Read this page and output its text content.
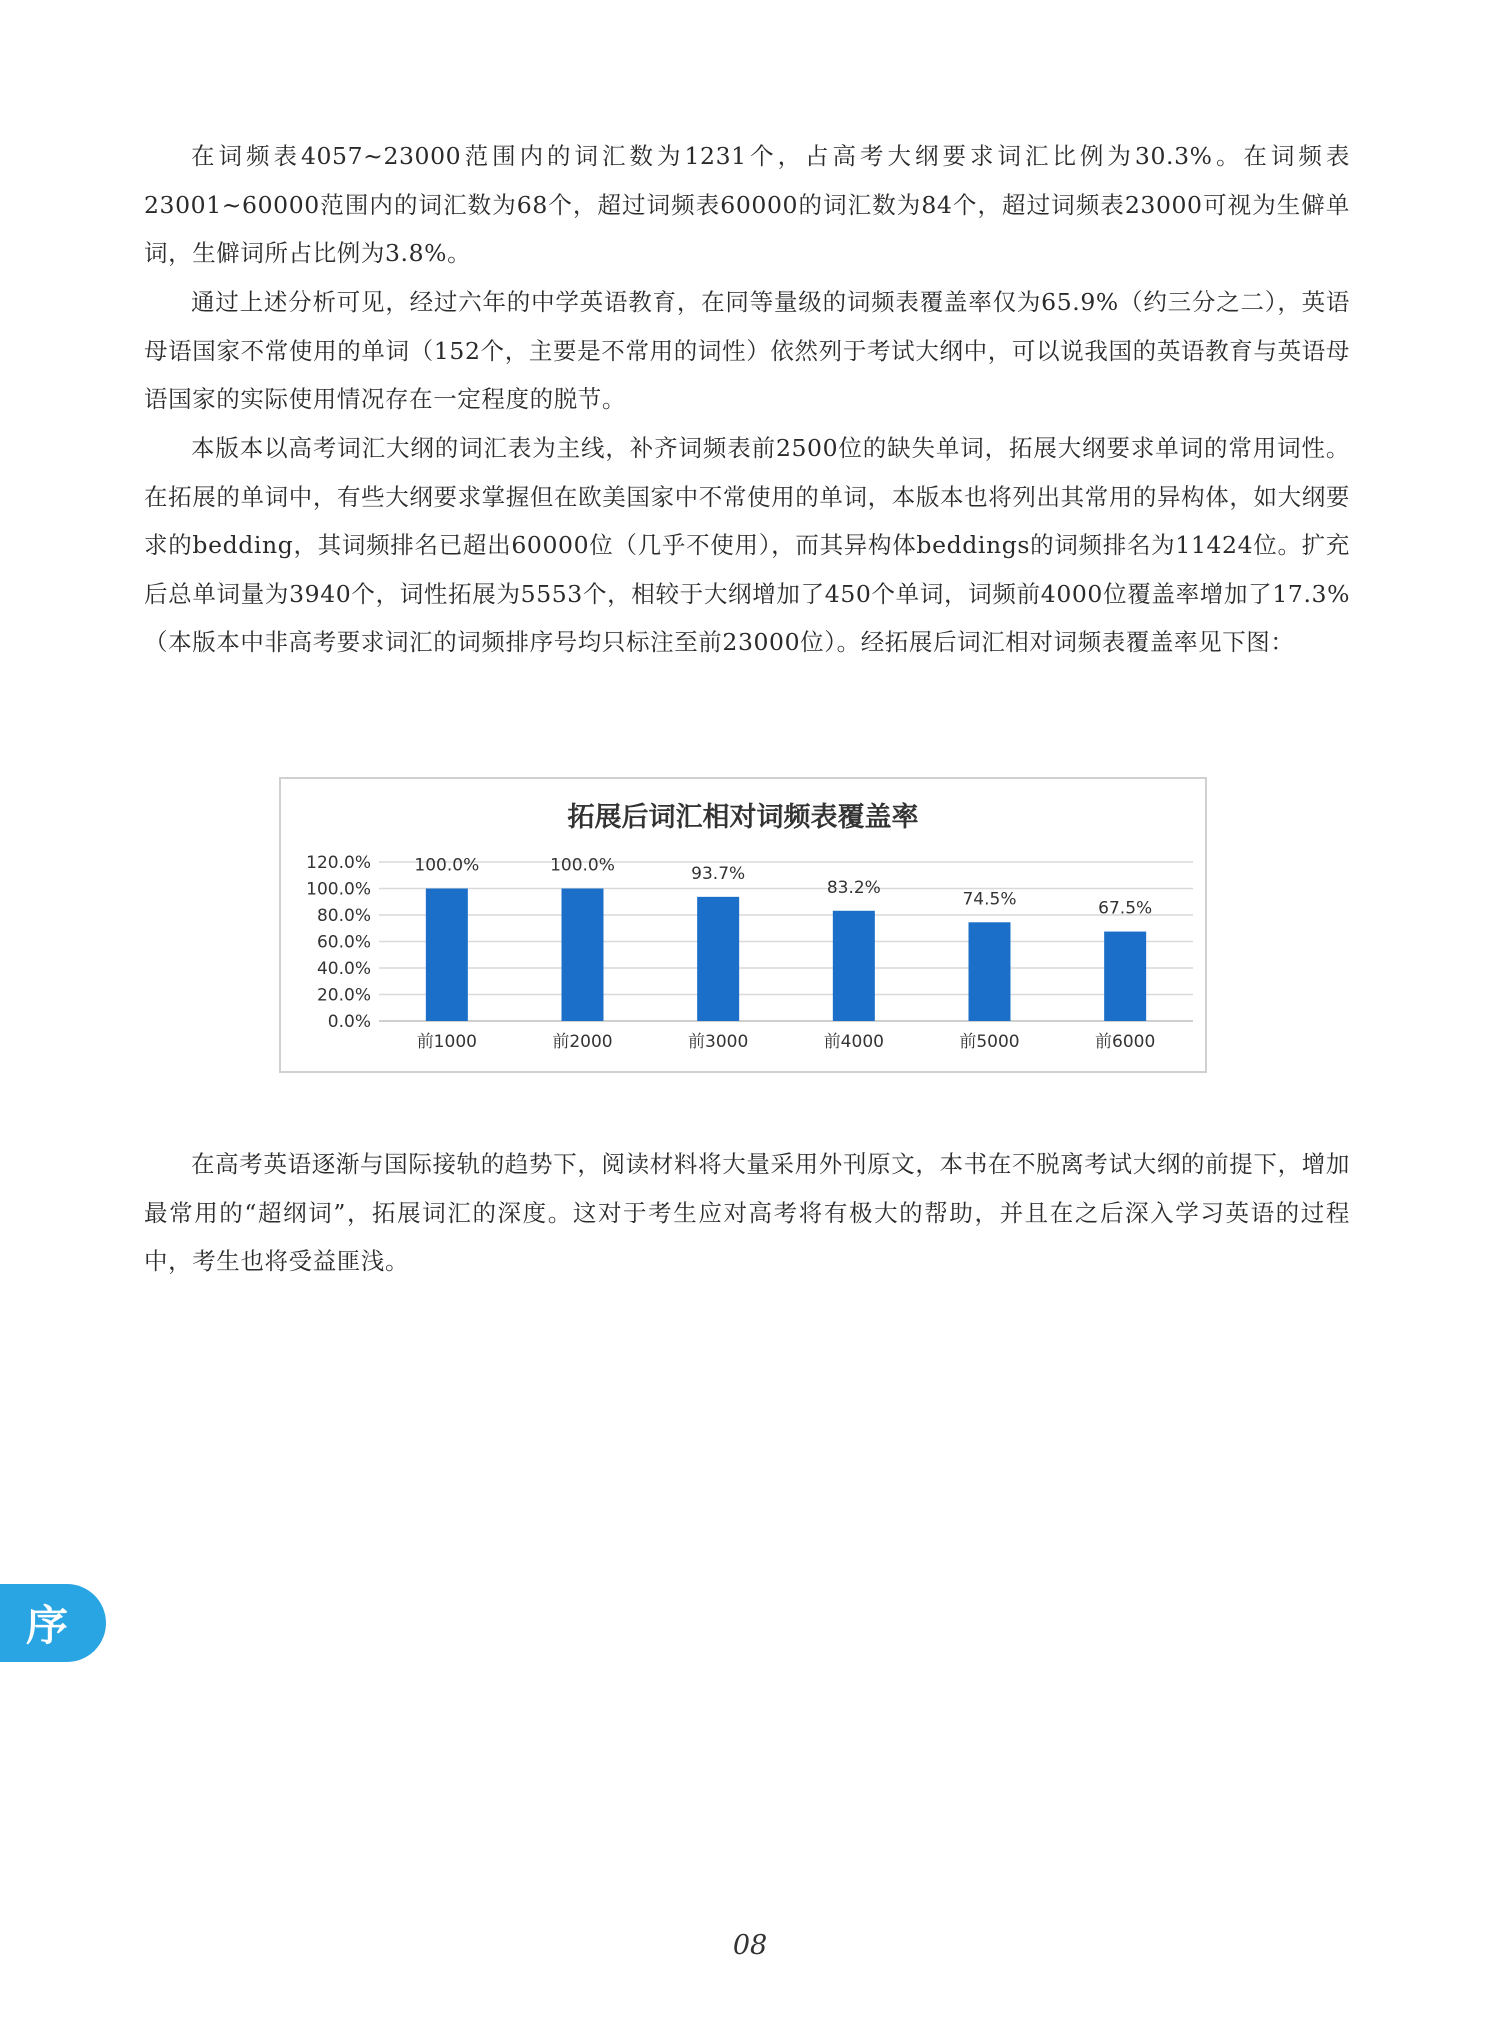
在词频表4057~23000范围内的词汇数为1231个，占高考大纲要求词汇比例为30.3%。在词频表23001~60000范围内的词汇数为68个，超过词频表60000的词汇数为84个，超过词频表23000可视为生僻单词，生僻词所占比例为3.8%。

通过上述分析可见，经过六年的中学英语教育，在同等量级的词频表覆盖率仅为65.9%（约三分之二），英语母语国家不常使用的单词（152个，主要是不常用的词性）依然列于考试大纲中，可以说我国的英语教育与英语母语国家的实际使用情况存在一定程度的脱节。

本版本以高考词汇大纲的词汇表为主线，补齐词频表前2500位的缺失单词，拓展大纲要求单词的常用词性。在拓展的单词中，有些大纲要求掌握但在欧美国家中不常使用的单词，本版本也将列出其常用的异构体，如大纲要求的bedding，其词频排名已超出60000位（几乎不使用），而其异构体beddings的词频排名为11424位。扩充后总单词量为3940个，词性拓展为5553个，相较于大纲增加了450个单词，词频前4000位覆盖率增加了17.3%（本版本中非高考要求词汇的词频排序号均只标注至前23000位）。经拓展后词汇相对词频表覆盖率见下图：

拓展后词汇相对词频表覆盖率
0.0%
20.0%
40.0%
60.0%
80.0%
100.0%
120.0%	100.0%
前1000
100.0%
前2000
93.7%
前3000
83.2%
前4000
74.5%
前5000
67.5%
前6000

在高考英语逐渐与国际接轨的趋势下，阅读材料将大量采用外刊原文，本书在不脱离考试大纲的前提下，增加最常用的“超纲词”，拓展词汇的深度。这对于考生应对高考将有极大的帮助，并且在之后深入学习英语的过程中，考生也将受益匪浅。

序
08
